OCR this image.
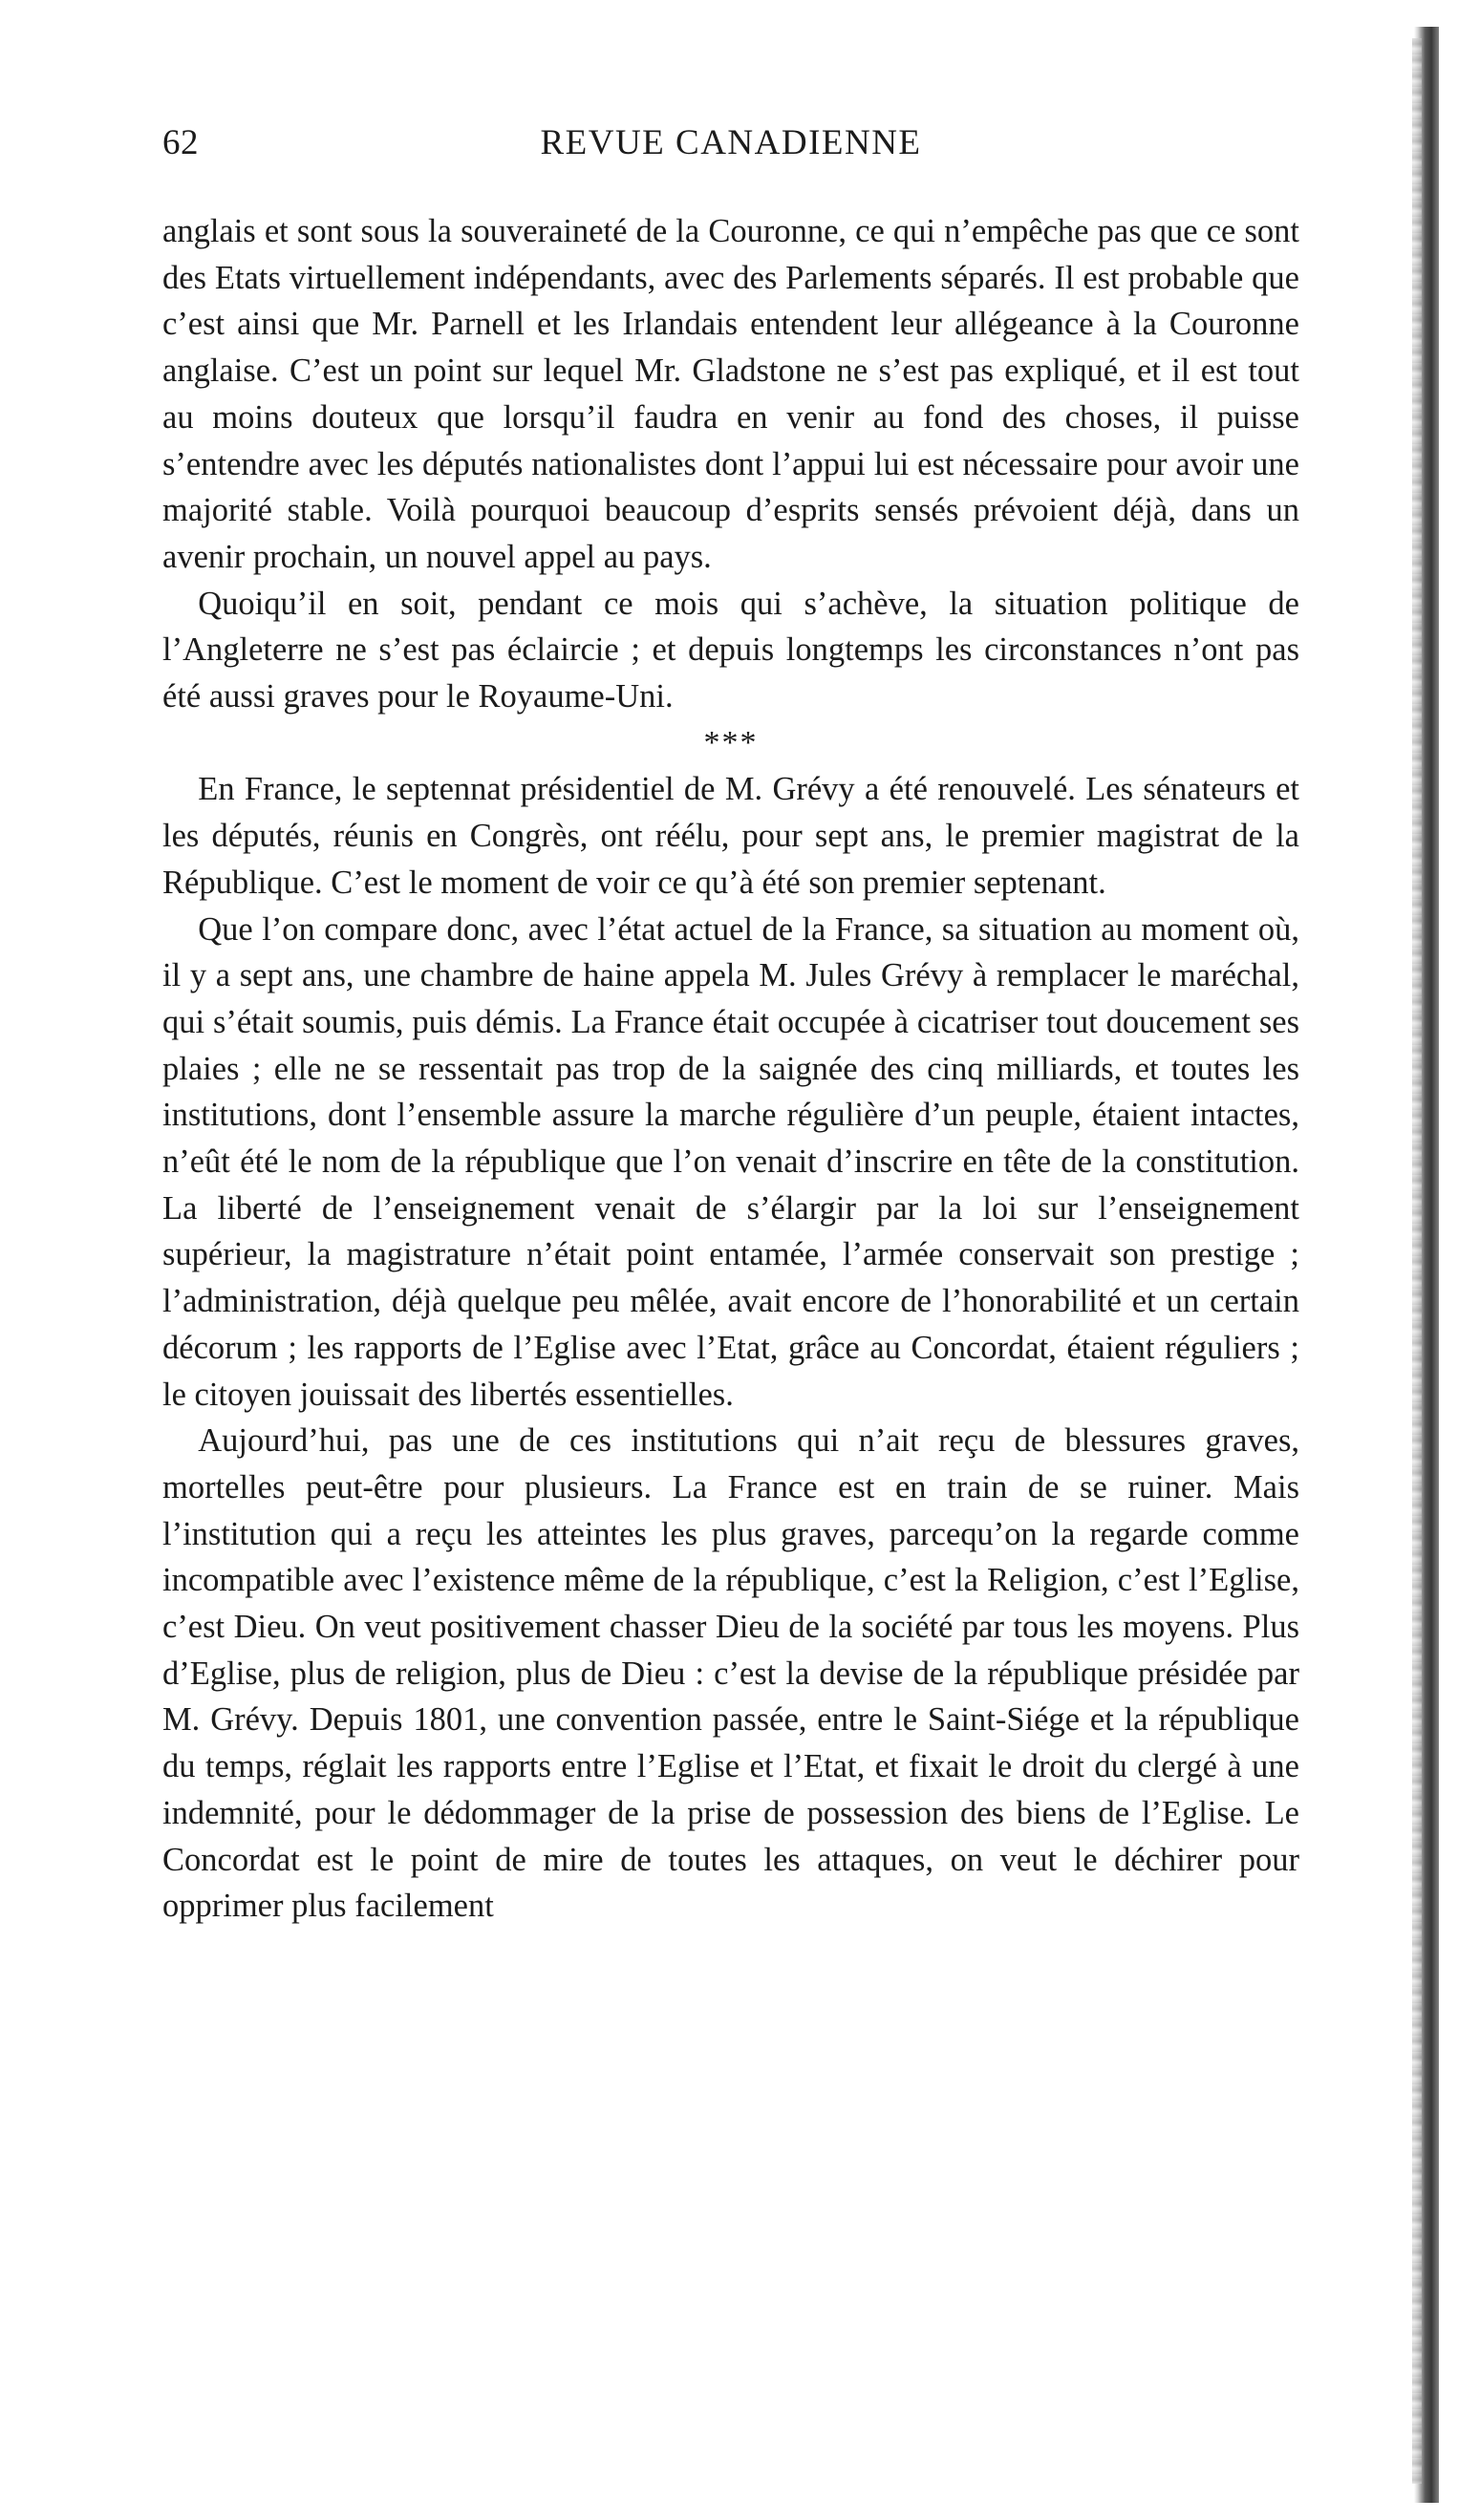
62	REVUE CANADIENNE

anglais et sont sous la souveraineté de la Couronne, ce qui n’empêche pas que ce sont des Etats virtuellement indépendants, avec des Parlements séparés. Il est probable que c’est ainsi que Mr. Parnell et les Irlandais entendent leur allégeance à la Couronne anglaise. C’est un point sur lequel Mr. Gladstone ne s’est pas expliqué, et il est tout au moins douteux que lorsqu’il faudra en venir au fond des choses, il puisse s’entendre avec les députés nationalistes dont l’appui lui est nécessaire pour avoir une majorité stable. Voilà pourquoi beaucoup d’esprits sensés prévoient déjà, dans un avenir prochain, un nouvel appel au pays.

Quoiqu’il en soit, pendant ce mois qui s’achève, la situation politique de l’Angleterre ne s’est pas éclaircie ; et depuis longtemps les circonstances n’ont pas été aussi graves pour le Royaume-Uni.

***

En France, le septennat présidentiel de M. Grévy a été renouvelé. Les sénateurs et les députés, réunis en Congrès, ont réélu, pour sept ans, le premier magistrat de la République. C’est le moment de voir ce qu’à été son premier septenant.

Que l’on compare donc, avec l’état actuel de la France, sa situation au moment où, il y a sept ans, une chambre de haine appela M. Jules Grévy à remplacer le maréchal, qui s’était soumis, puis démis. La France était occupée à cicatriser tout doucement ses plaies ; elle ne se ressentait pas trop de la saignée des cinq milliards, et toutes les institutions, dont l’ensemble assure la marche régulière d’un peuple, étaient intactes, n’eût été le nom de la république que l’on venait d’inscrire en tête de la constitution. La liberté de l’enseignement venait de s’élargir par la loi sur l’enseignement supérieur, la magistrature n’était point entamée, l’armée conservait son prestige ; l’administration, déjà quelque peu mêlée, avait encore de l’honorabilité et un certain décorum ; les rapports de l’Eglise avec l’Etat, grâce au Concordat, étaient réguliers ; le citoyen jouissait des libertés essentielles.

Aujourd’hui, pas une de ces institutions qui n’ait reçu de blessures graves, mortelles peut-être pour plusieurs. La France est en train de se ruiner. Mais l’institution qui a reçu les atteintes les plus graves, parcequ’on la regarde comme incompatible avec l’existence même de la république, c’est la Religion, c’est l’Eglise, c’est Dieu. On veut positivement chasser Dieu de la société par tous les moyens. Plus d’Eglise, plus de religion, plus de Dieu : c’est la devise de la république présidée par M. Grévy. Depuis 1801, une convention passée, entre le Saint-Siége et la république du temps, réglait les rapports entre l’Eglise et l’Etat, et fixait le droit du clergé à une indemnité, pour le dédommager de la prise de possession des biens de l’Eglise. Le Concordat est le point de mire de toutes les attaques, on veut le déchirer pour opprimer plus facilement
